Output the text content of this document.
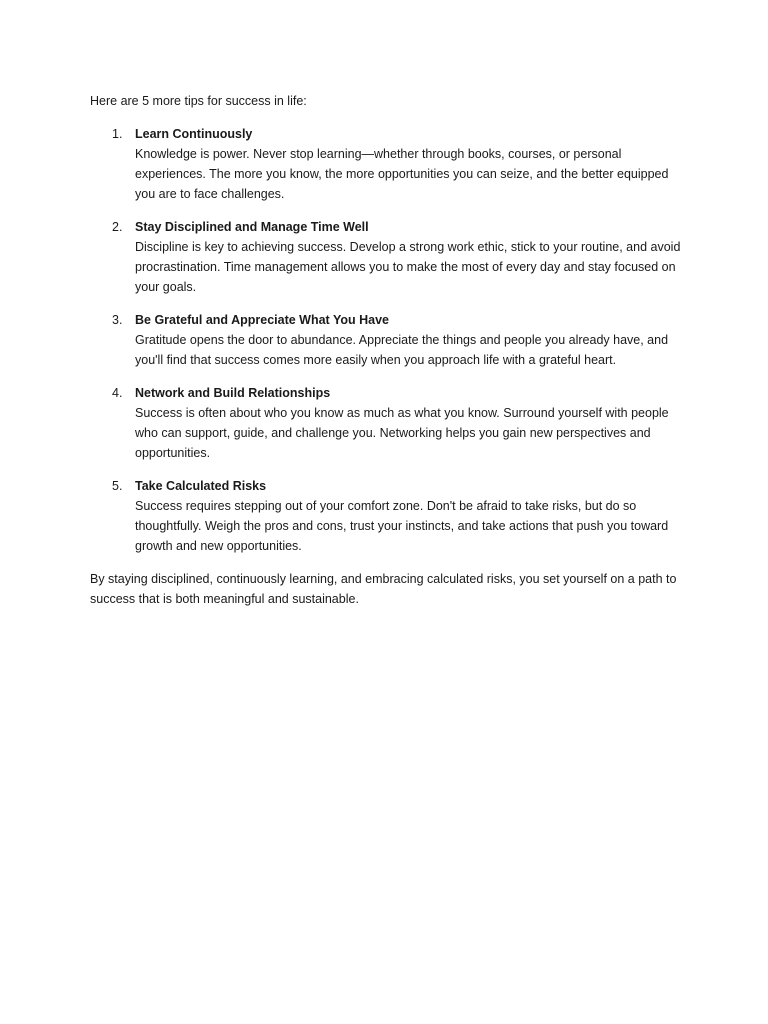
Here are 5 more tips for success in life:

1. Learn Continuously

Knowledge is power. Never stop learning—whether through books, courses, or personal experiences. The more you know, the more opportunities you can seize, and the better equipped you are to face challenges.

2. Stay Disciplined and Manage Time Well

Discipline is key to achieving success. Develop a strong work ethic, stick to your routine, and avoid procrastination. Time management allows you to make the most of every day and stay focused on your goals.

3. Be Grateful and Appreciate What You Have

Gratitude opens the door to abundance. Appreciate the things and people you already have, and you'll find that success comes more easily when you approach life with a grateful heart.

4. Network and Build Relationships

Success is often about who you know as much as what you know. Surround yourself with people who can support, guide, and challenge you. Networking helps you gain new perspectives and opportunities.

5. Take Calculated Risks

Success requires stepping out of your comfort zone. Don't be afraid to take risks, but do so thoughtfully. Weigh the pros and cons, trust your instincts, and take actions that push you toward growth and new opportunities.

By staying disciplined, continuously learning, and embracing calculated risks, you set yourself on a path to success that is both meaningful and sustainable.
